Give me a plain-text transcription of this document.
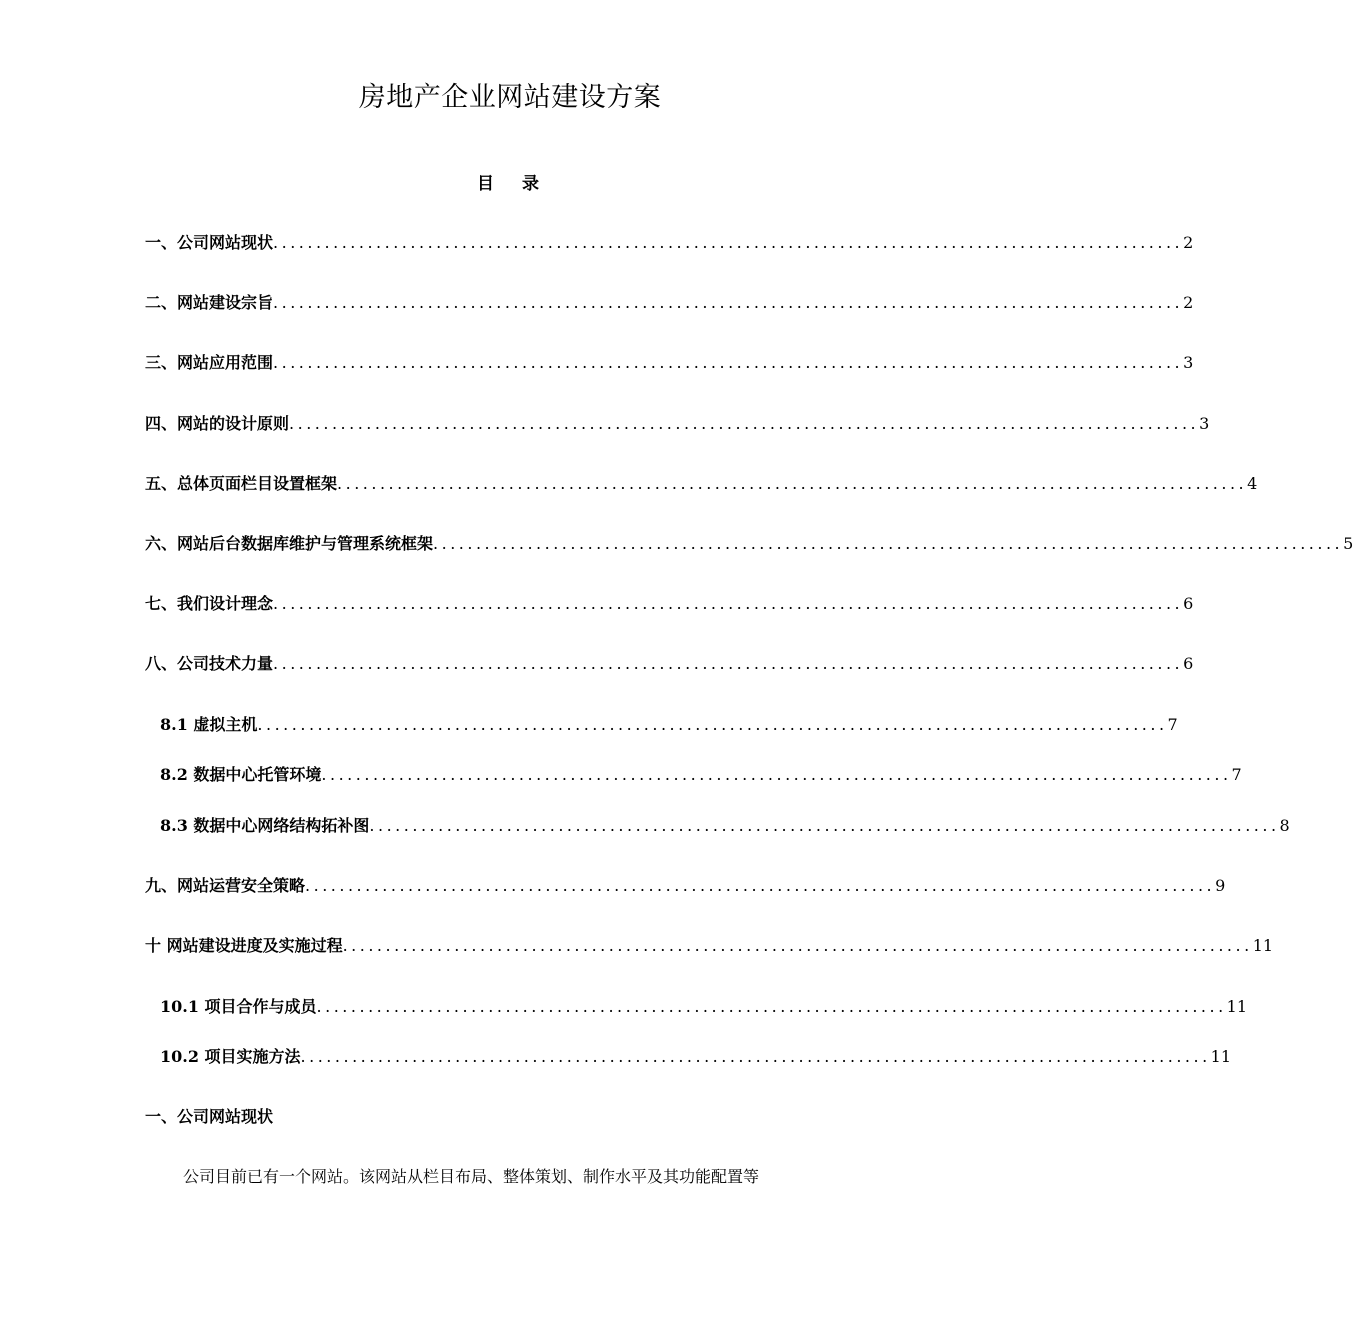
房地产企业网站建设方案
目 录
一、公司网站现状 .......................................................................................................... 2
二、网站建设宗旨 .......................................................................................................... 2
三、网站应用范围 .......................................................................................................... 3
四、网站的设计原则 .......................................................................................................... 3
五、总体页面栏目设置框架 .......................................................................................................... 4
六、网站后台数据库维护与管理系统框架 .......................................................................................................... 5
七、我们设计理念 .......................................................................................................... 6
八、公司技术力量 .......................................................................................................... 6
8.1 虚拟主机 .......................................................................................................... 7
8.2 数据中心托管环境 .......................................................................................................... 7
8.3 数据中心网络结构拓补图 .......................................................................................................... 8
九、网站运营安全策略 .......................................................................................................... 9
十 网站建设进度及实施过程 .......................................................................................................... 11
10.1 项目合作与成员 .......................................................................................................... 11
10.2 项目实施方法 .......................................................................................................... 11
一、公司网站现状
公司目前已有一个网站。该网站从栏目布局、整体策划、制作水平及其功能配置等
